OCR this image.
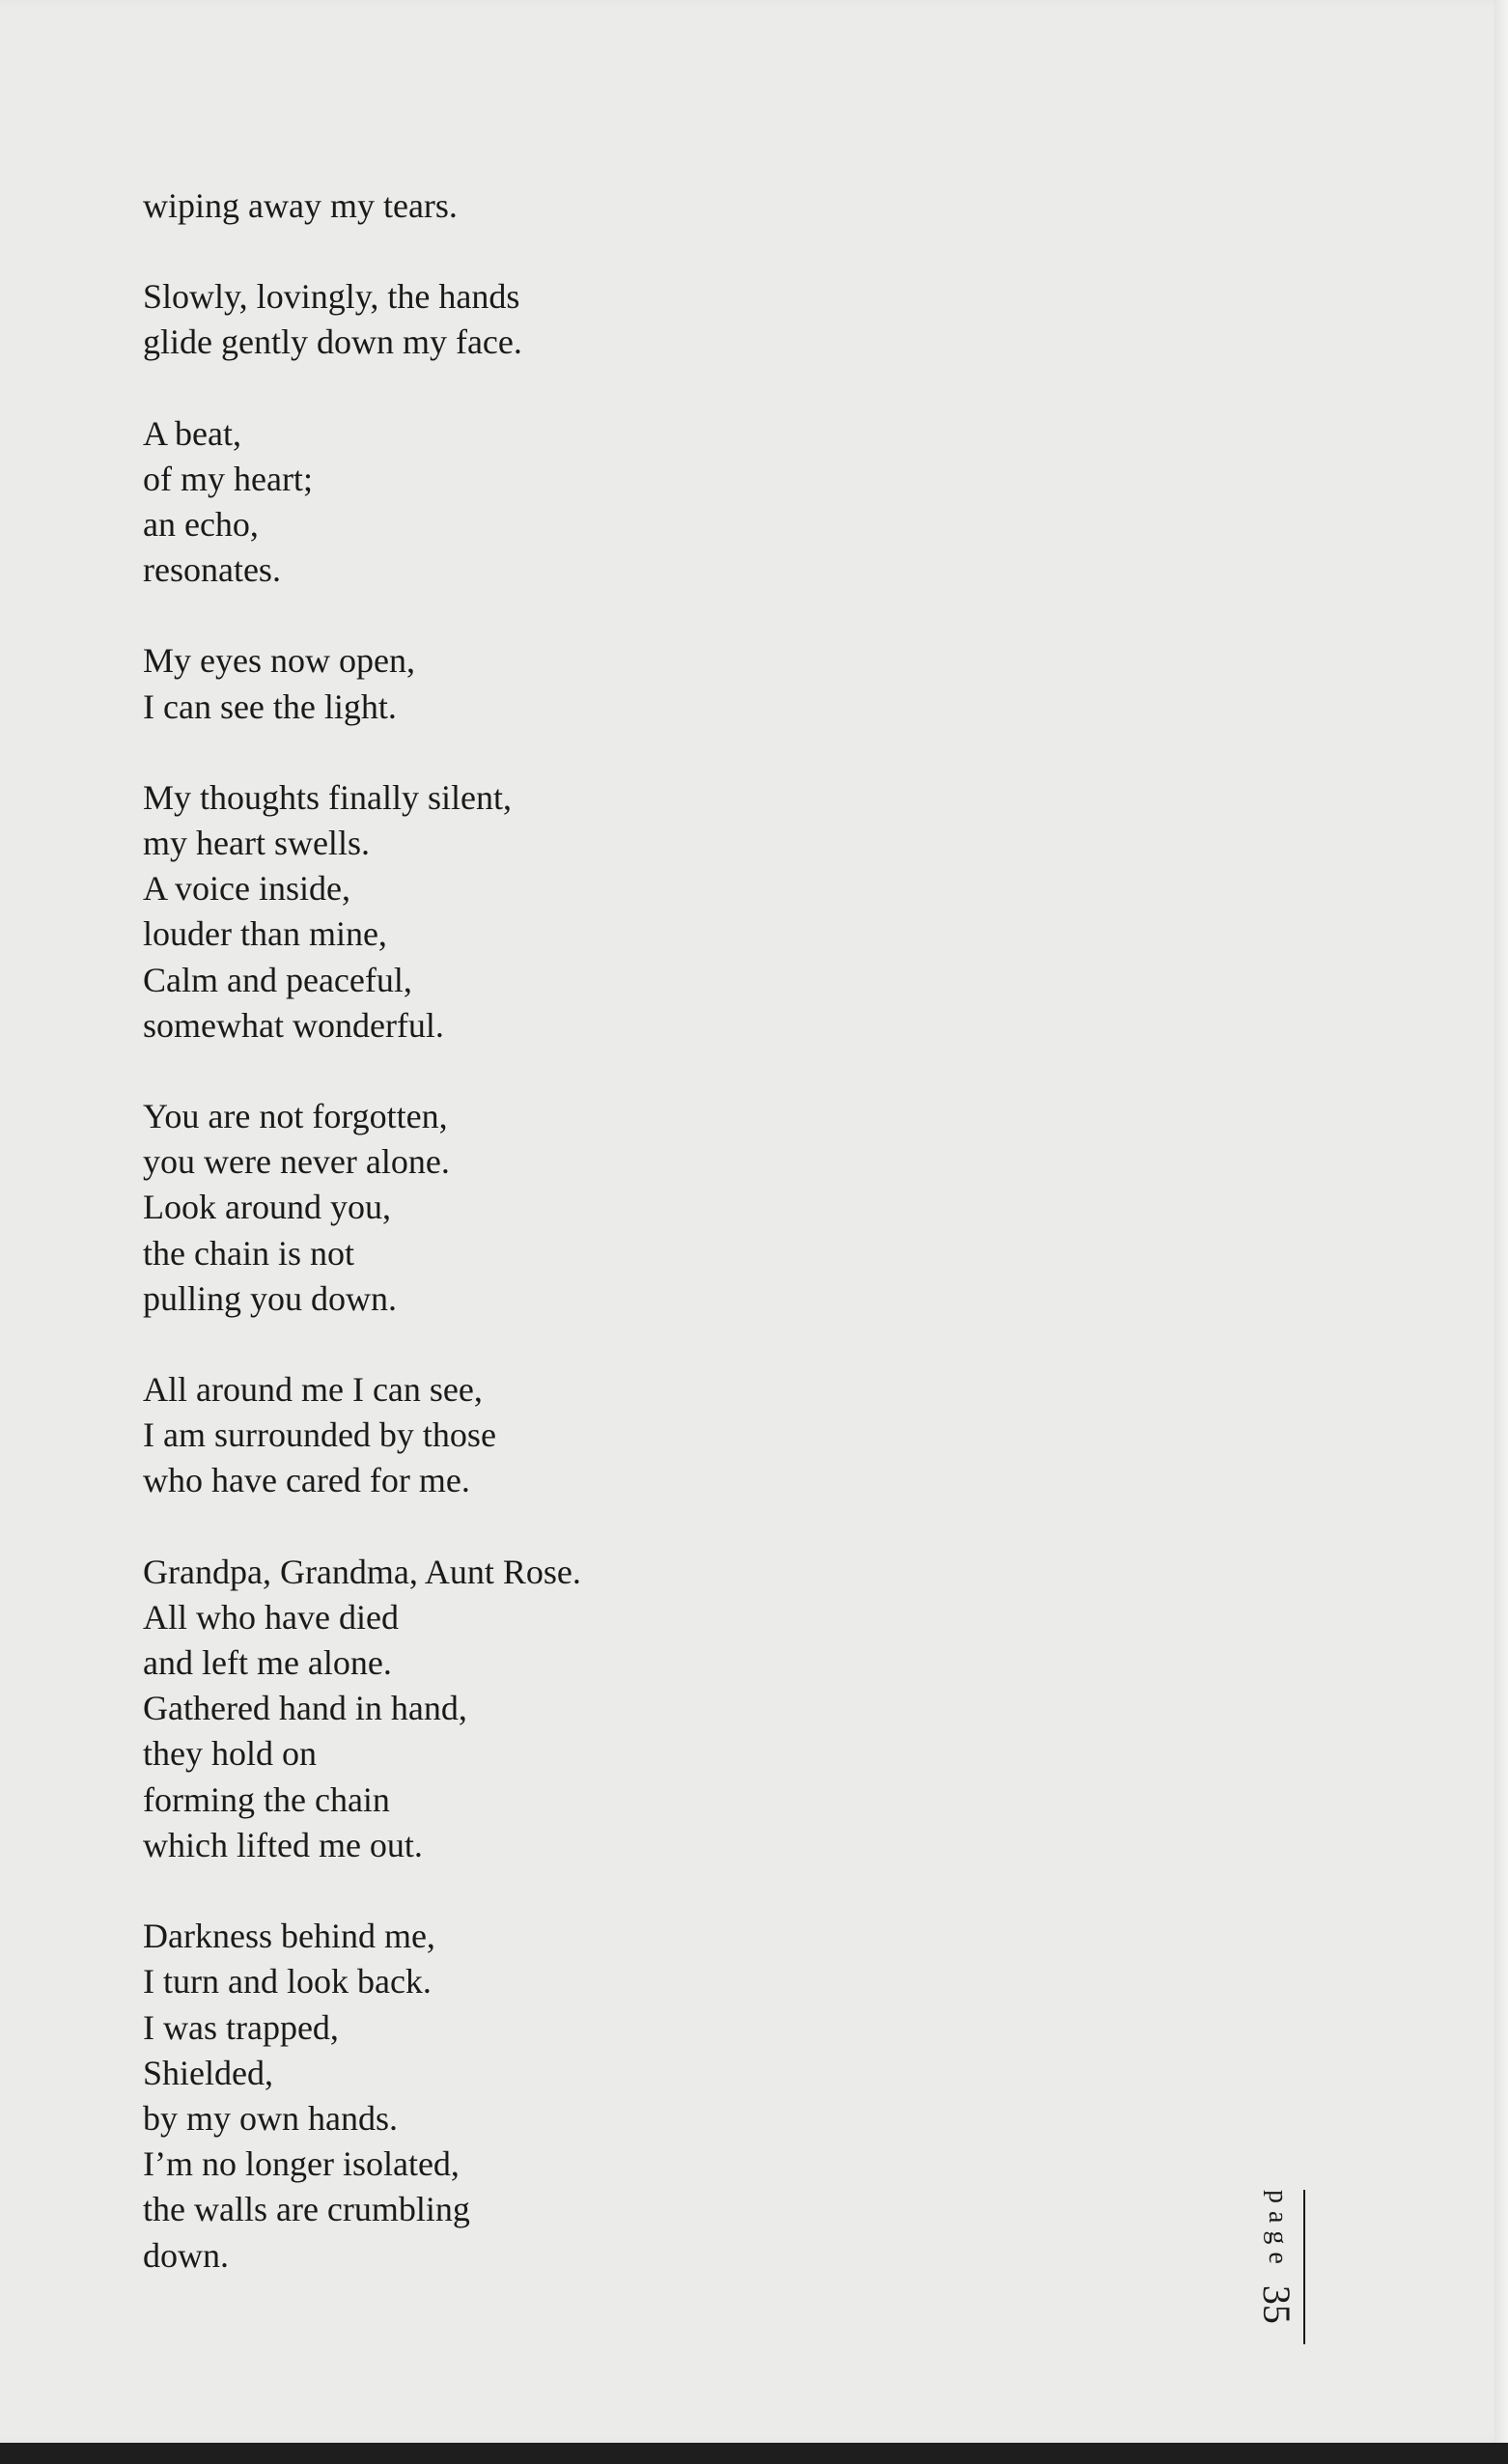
wiping away my tears.
Slowly, lovingly, the hands
glide gently down my face.
A beat,
of my heart;
an echo,
resonates.
My eyes now open,
I can see the light.
My thoughts finally silent,
my heart swells.
A voice inside,
louder than mine,
Calm and peaceful,
somewhat wonderful.
You are not forgotten,
you were never alone.
Look around you,
the chain is not
pulling you down.
All around me I can see,
I am surrounded by those
who have cared for me.
Grandpa, Grandma, Aunt Rose.
All who have died
and left me alone.
Gathered hand in hand,
they hold on
forming the chain
which lifted me out.
Darkness behind me,
I turn and look back.
I was trapped,
Shielded,
by my own hands.
I’m no longer isolated,
the walls are crumbling
down.	page
35
